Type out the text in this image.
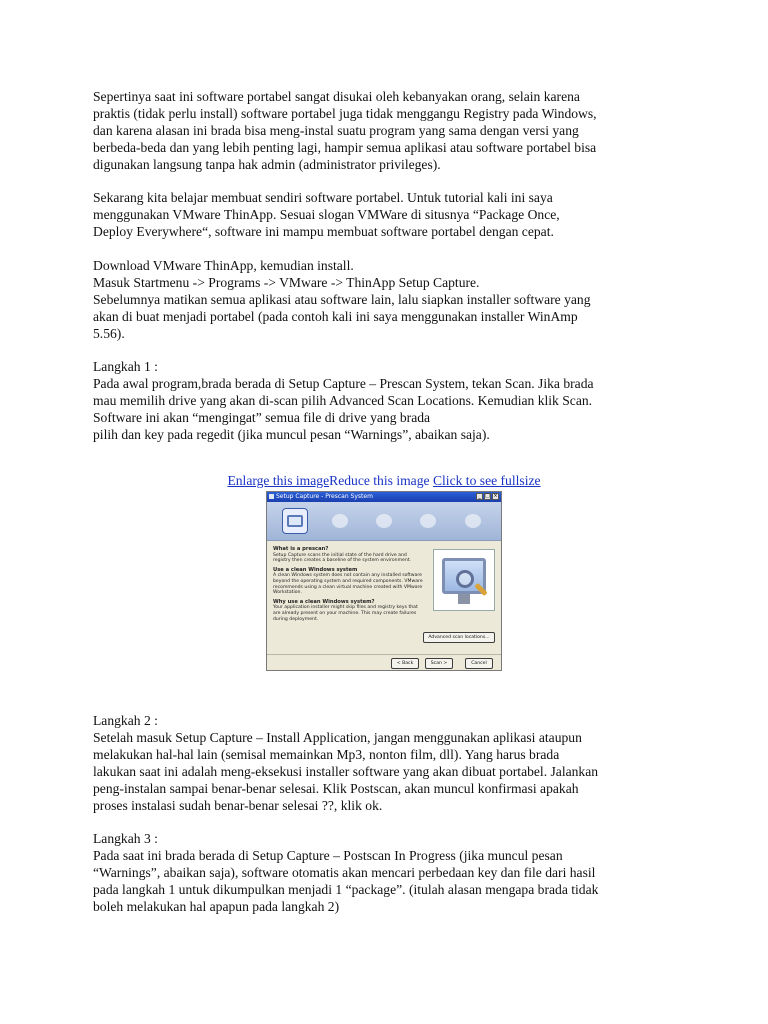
Sepertinya saat ini software portabel sangat disukai oleh kebanyakan orang, selain karena
praktis (tidak perlu install) software portabel juga tidak menggangu Registry pada Windows,
dan karena alasan ini brada bisa meng-instal suatu program yang sama dengan versi yang
berbeda-beda dan yang lebih penting lagi, hampir semua aplikasi atau software portabel bisa
digunakan langsung tanpa hak admin (administrator privileges).

Sekarang kita belajar membuat sendiri software portabel. Untuk tutorial kali ini saya
menggunakan VMware ThinApp. Sesuai slogan VMWare di situsnya “Package Once,
Deploy Everywhere“, software ini mampu membuat software portabel dengan cepat.

Download VMware ThinApp, kemudian install.
Masuk Startmenu -> Programs -> VMware -> ThinApp Setup Capture.
Sebelumnya matikan semua aplikasi atau software lain, lalu siapkan installer software yang
akan di buat menjadi portabel (pada contoh kali ini saya menggunakan installer WinAmp
5.56).

Langkah 1 :
Pada awal program,brada berada di Setup Capture – Prescan System, tekan Scan. Jika brada
mau memilih drive yang akan di-scan pilih Advanced Scan Locations. Kemudian klik Scan.
Software ini akan “mengingat” semua file di drive yang brada
pilih dan key pada regedit (jika muncul pesan “Warnings”, abaikan saja).

Enlarge this imageReduce this image Click to see fullsize
Setup Capture - Prescan System	_ □ ×
What is a prescan?
Setup Capture scans the initial state of the hard drive and registry then creates a baseline of the system environment.
Use a clean Windows system
A clean Windows system does not contain any installed software beyond the operating system and required components. VMware recommends using a clean virtual machine created with VMware Workstation.
Why use a clean Windows system?
Your application installer might skip files and registry keys that are already present on your machine. This may create failures during deployment.
Advanced scan locations...
< Back	Scan >	Cancel

Langkah 2 :
Setelah masuk Setup Capture – Install Application, jangan menggunakan aplikasi ataupun
melakukan hal-hal lain (semisal memainkan Mp3, nonton film, dll). Yang harus brada
lakukan saat ini adalah meng-eksekusi installer software yang akan dibuat portabel. Jalankan
peng-instalan sampai benar-benar selesai. Klik Postscan, akan muncul konfirmasi apakah
proses instalasi sudah benar-benar selesai ??, klik ok.

Langkah 3 :
Pada saat ini brada berada di Setup Capture – Postscan In Progress (jika muncul pesan
“Warnings”, abaikan saja), software otomatis akan mencari perbedaan key dan file dari hasil
pada langkah 1 untuk dikumpulkan menjadi 1 “package”. (itulah alasan mengapa brada tidak
boleh melakukan hal apapun pada langkah 2)
